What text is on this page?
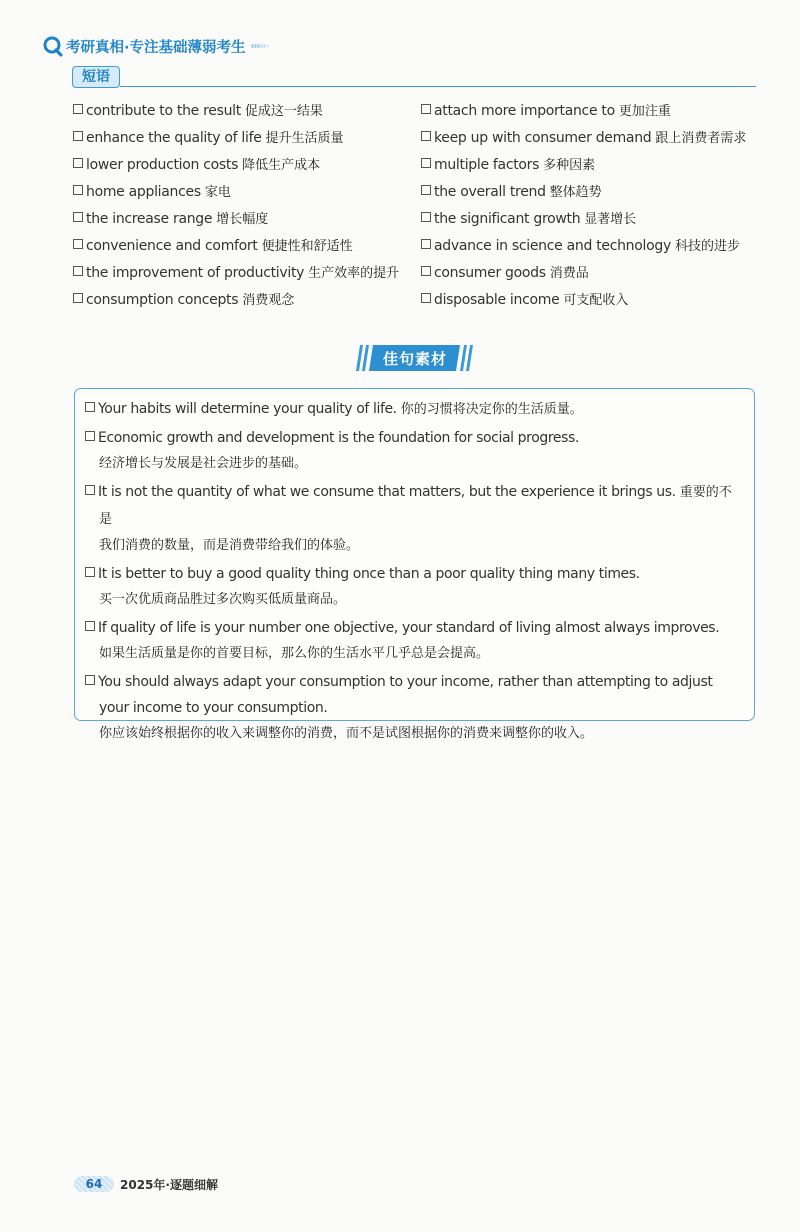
考研真相·专注基础薄弱考生 ››››››
短语
contribute to the result 促成这一结果	attach more importance to 更加注重
enhance the quality of life 提升生活质量	keep up with consumer demand 跟上消费者需求
lower production costs 降低生产成本	multiple factors 多种因素
home appliances 家电	the overall trend 整体趋势
the increase range 增长幅度	the significant growth 显著增长
convenience and comfort 便捷性和舒适性	advance in science and technology 科技的进步
the improvement of productivity 生产效率的提升	consumer goods 消费品
consumption concepts 消费观念	disposable income 可支配收入
佳句素材
Your habits will determine your quality of life. 你的习惯将决定你的生活质量。
Economic growth and development is the foundation for social progress.
经济增长与发展是社会进步的基础。
It is not the quantity of what we consume that matters, but the experience it brings us. 重要的不是
我们消费的数量，而是消费带给我们的体验。
It is better to buy a good quality thing once than a poor quality thing many times.
买一次优质商品胜过多次购买低质量商品。
If quality of life is your number one objective, your standard of living almost always improves.
如果生活质量是你的首要目标，那么你的生活水平几乎总是会提高。
You should always adapt your consumption to your income, rather than attempting to adjust your income to your consumption.
你应该始终根据你的收入来调整你的消费，而不是试图根据你的消费来调整你的收入。
64	2025年·逐题细解
